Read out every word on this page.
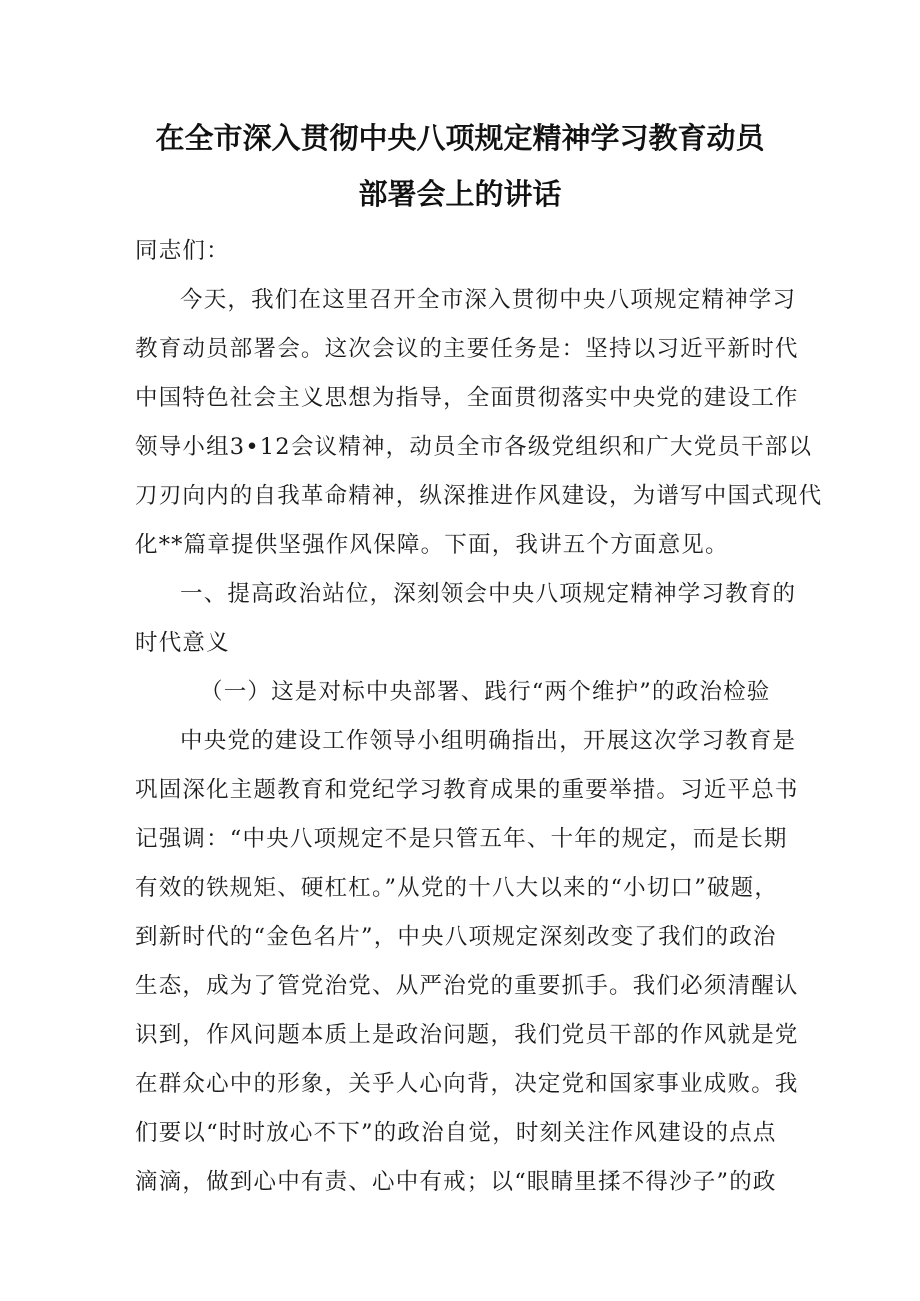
在全市深入贯彻中央八项规定精神学习教育动员
部署会上的讲话
同志们：
今天，我们在这里召开全市深入贯彻中央八项规定精神学习
教育动员部署会。这次会议的主要任务是：坚持以习近平新时代
中国特色社会主义思想为指导，全面贯彻落实中央党的建设工作
领导小组3•12会议精神，动员全市各级党组织和广大党员干部以
刀刃向内的自我革命精神，纵深推进作风建设，为谱写中国式现代
化**篇章提供坚强作风保障。下面，我讲五个方面意见。
一、提高政治站位，深刻领会中央八项规定精神学习教育的
时代意义
（一）这是对标中央部署、践行“两个维护”的政治检验
中央党的建设工作领导小组明确指出，开展这次学习教育是
巩固深化主题教育和党纪学习教育成果的重要举措。习近平总书
记强调：“中央八项规定不是只管五年、十年的规定，而是长期
有效的铁规矩、硬杠杠。”从党的十八大以来的“小切口”破题，
到新时代的“金色名片”，中央八项规定深刻改变了我们的政治
生态，成为了管党治党、从严治党的重要抓手。我们必须清醒认
识到，作风问题本质上是政治问题，我们党员干部的作风就是党
在群众心中的形象，关乎人心向背，决定党和国家事业成败。我
们要以“时时放心不下”的政治自觉，时刻关注作风建设的点点
滴滴，做到心中有责、心中有戒；以“眼睛里揉不得沙子”的政
